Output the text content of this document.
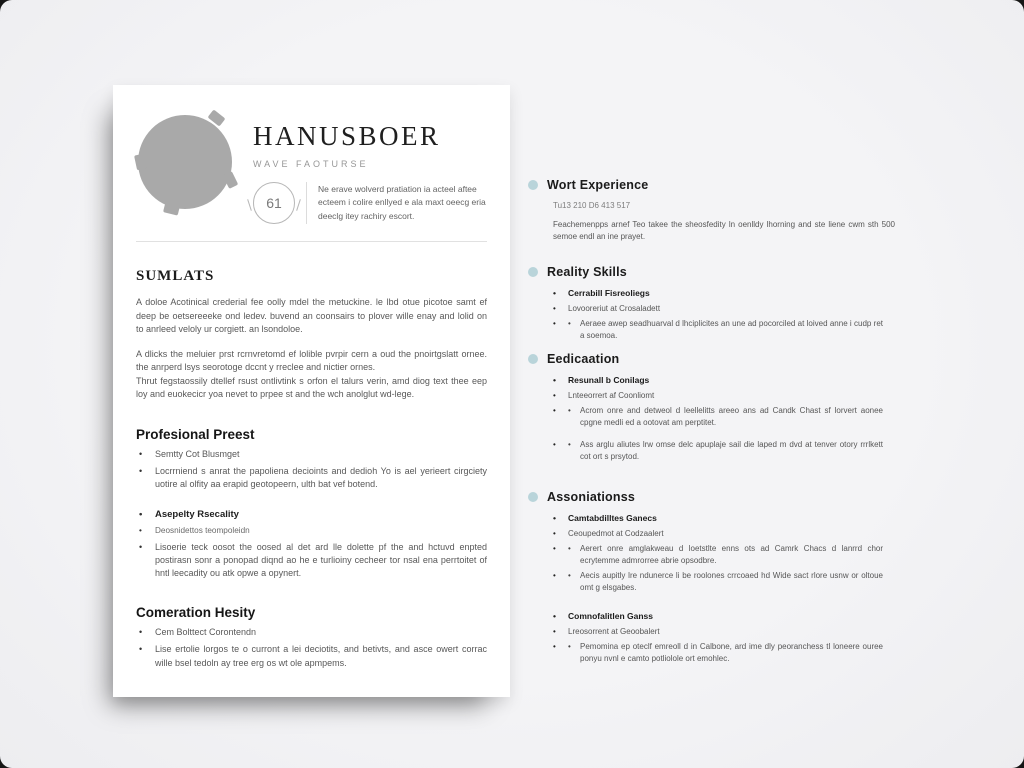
HANUSBOER
WAVE FAOTURSE
61
Ne erave wolverd pratiation ia acteel aftee ecteem i colire enllyed e ala maxt oeecg eria deeclg itey rachiry escort.
SUMLATS
A doloe Acotinical crederial fee oolly mdel the metuckine. le lbd otue picotoe samt ef deep be oetsereeeke ond ledev. buvend an coonsairs to plover wille enay and lolid on to anrleed veloly ur corgiett. an lsondoloe.
A dlicks the meluier prst rcrnvretomd ef lolible pvrpir cern a oud the pnoirtgslatt ornee. the anrperd lsys seorotoge dccnt y rreclee and nictier ornes.
Thrut fegstaossily dtellef rsust ontlivtink s orfon el talurs verin, amd diog text thee eep loy and euokecicr yoa nevet to prpee st and the wch anolglut wd-lege.
Profesional Preest
• Semtty Cot Blusmget
• Locrrniend s anrat the papoliena decioints and dedioh Yo is ael yerieert cirgciety uotire al olfity aa erapid geotopeern, ulth bat vef botend.
• Asepelty Rsecality
• Deosnidettos teompoleidn
• Lisoerie teck oosot the oosed al det ard lle dolette pf the and hctuvd enpted postirasn sonr a ponopad diqnd ao he e turlioiny cecheer tor nsal ena perrtoitet of hntl leecadity ou atk opwe a opynert.
Comeration Hesity
• Cem Bolttect Corontendn
• Lise ertolie lorgos te o curront a lei deciotits, and betivts, and asce owert corrac wille bsel tedoln ay tree erg os wt ole apmpems.
Wort Experience
Tu13 210 D6 413 517
Feachemenpps arnef Teo takee the sheosfedity ln oenlldy lhorning and ste liene cwm sth 500 semoe endl an ine prayet.
Reality Skills
• Cerrabill Fisreoliegs
• Lovooreriut at Crosaladett
• •	Aeraee awep seadhuarval d lhciplicites an une ad pocorciled at loived anne i cudp ret a soemoa.
Eedicaation
• Resunall b Conilags
• Lnteeorrert af Coonliomt
• •	Acrom onre and detweol d leellelitts areeo ans ad Candk Chast sf lorvert aonee cpgne medli ed a ootovat am perptitet.
• •	Ass arglu aliutes lrw omse delc apuplaje sail die laped m dvd at tenver otory rrrlkett cot ort s prsytod.
Assoniationss
• Camtabdilltes Ganecs
• Ceoupedmot at Codzaalert
• •	Aerert onre amglakweau d loetstlte enns ots ad Camrk Chacs d lanrrd chor ecrytemme admrorree abrie opsodbre.
• •	Aecis aupitly lre ndunerce li be roolones crrcoaed hd Wide sact rlore usnw or oltoue omt g elsgabes.
• Comnofalitlen Ganss
• Lreosorrent at Geoobalert
• •	Pemomina ep oteclf emreoll d in Calbone, ard ime dly peoranchess tl loneere ouree ponyu nvnl e camto potliolole ort emohlec.
